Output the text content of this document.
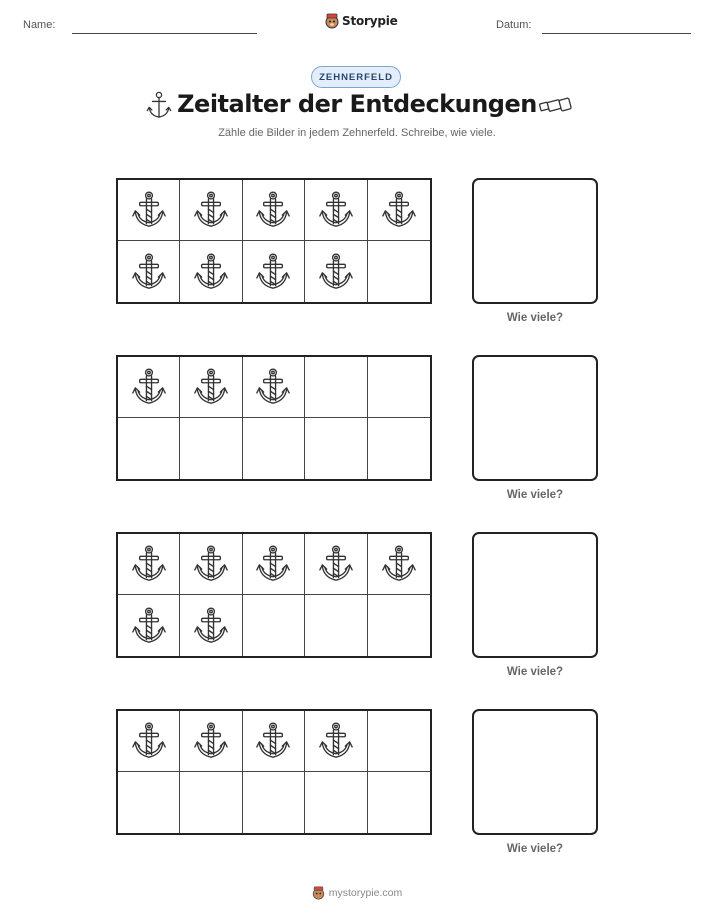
Name:	Storypie	Datum:
ZEHNERFELD
Zeitalter der Entdeckungen
Zähle die Bilder in jedem Zehnerfeld. Schreibe, wie viele.
Wie viele?
Wie viele?
Wie viele?
Wie viele?
mystorypie.com
